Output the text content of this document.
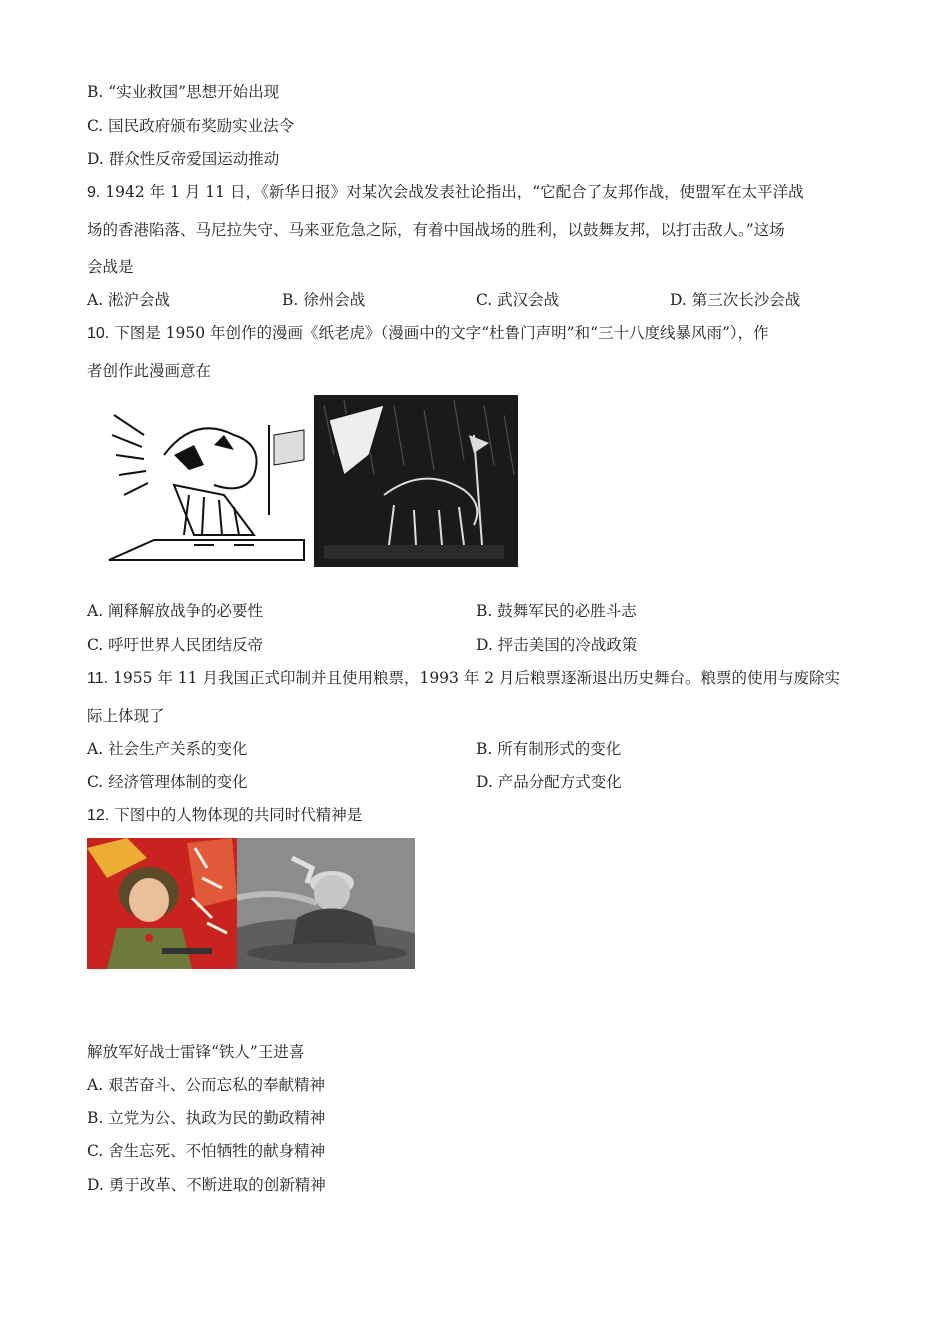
B. “实业救国”思想开始出现
C. 国民政府颁布奖励实业法令
D. 群众性反帝爱国运动推动
9. 1942 年 1 月 11 日，《新华日报》对某次会战发表社论指出，“它配合了友邦作战，使盟军在太平洋战
场的香港陷落、马尼拉失守、马来亚危急之际，有着中国战场的胜利，以鼓舞友邦，以打击敌人。”这场
会战是
A. 淞沪会战	B. 徐州会战	C. 武汉会战	D. 第三次长沙会战
10. 下图是 1950 年创作的漫画《纸老虎》（漫画中的文字“杜鲁门声明”和“三十八度线暴风雨”），作
者创作此漫画意在
A. 阐释解放战争的必要性	B. 鼓舞军民的必胜斗志
C. 呼吁世界人民团结反帝	D. 抨击美国的冷战政策
11. 1955 年 11 月我国正式印制并且使用粮票，1993 年 2 月后粮票逐渐退出历史舞台。粮票的使用与废除实
际上体现了
A. 社会生产关系的变化	B. 所有制形式的变化
C. 经济管理体制的变化	D. 产品分配方式变化
12. 下图中的人物体现的共同时代精神是
解放军好战士雷锋“铁人”王进喜
A. 艰苦奋斗、公而忘私的奉献精神
B. 立党为公、执政为民的勤政精神
C. 舍生忘死、不怕牺牲的献身精神
D. 勇于改革、不断进取的创新精神
